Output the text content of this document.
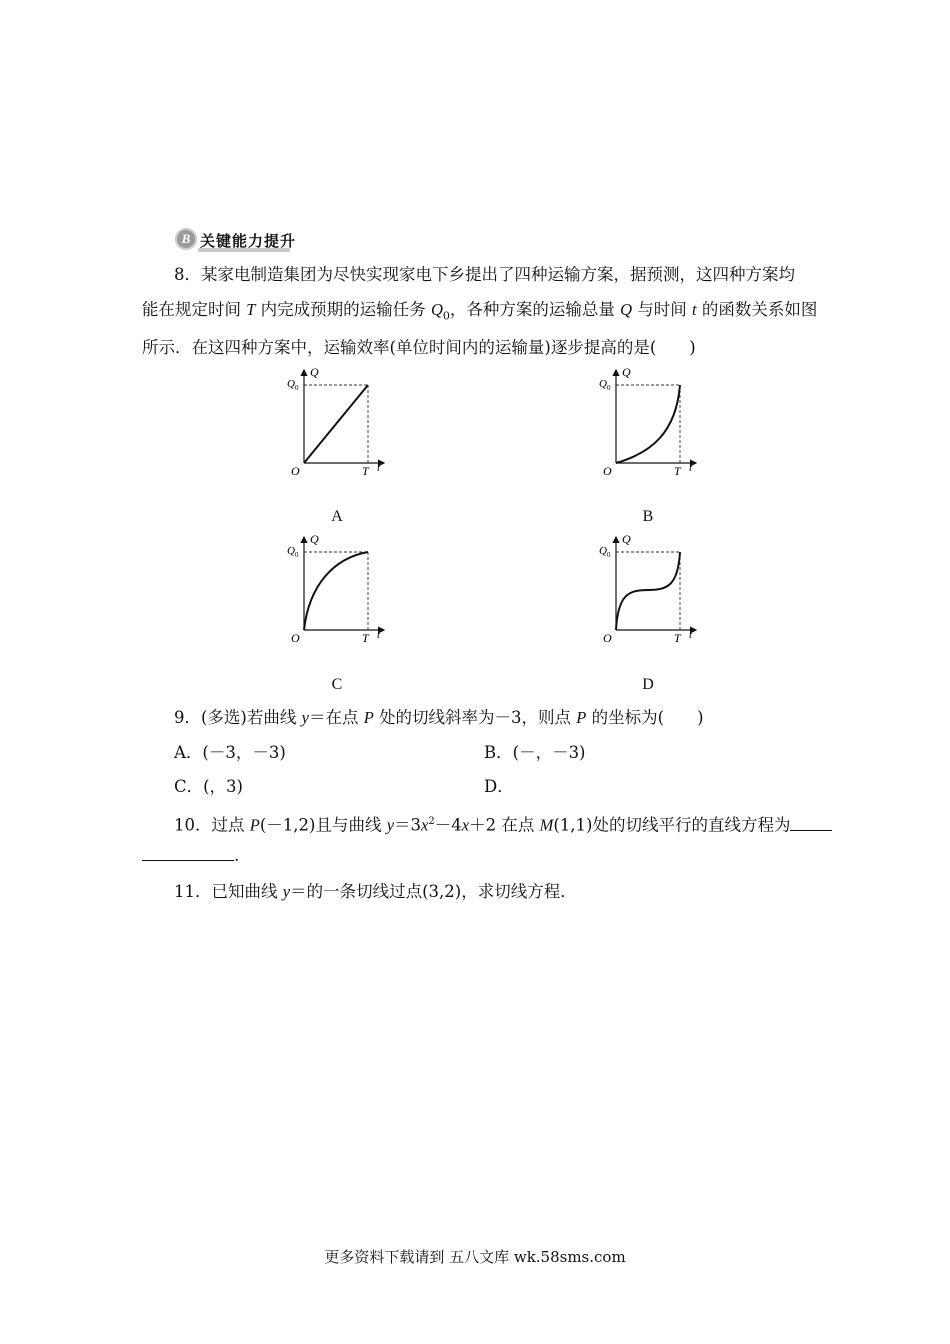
B 关键能力提升
8．某家电制造集团为尽快实现家电下乡提出了四种运输方案，据预测，这四种方案均
能在规定时间 T 内完成预期的运输任务 $Q_0$，各种方案的运输总量 Q 与时间 t 的函数关系如图
所示．在这四种方案中，运输效率(单位时间内的运输量)逐步提高的是(　　)
Q 0
Q
O	T t
Q 0
Q
O	T t
Q 0
Q
O	T t
Q 0
Q
O	T t
A	B
C	D
9．(多选)若曲线 y＝在点 P 处的切线斜率为－3，则点 P 的坐标为(　　)
A．(－3，－3)	B．(－，－3)
C．(，3)	D．
10．过点 P(－1,2)且与曲线 $y=3x^2-4x+2$ 在点 M(1,1)处的切线平行的直线方程为
.
11．已知曲线 y＝的一条切线过点(3,2)，求切线方程．
更多资料下载请到 五八文库 wk.58sms.com
